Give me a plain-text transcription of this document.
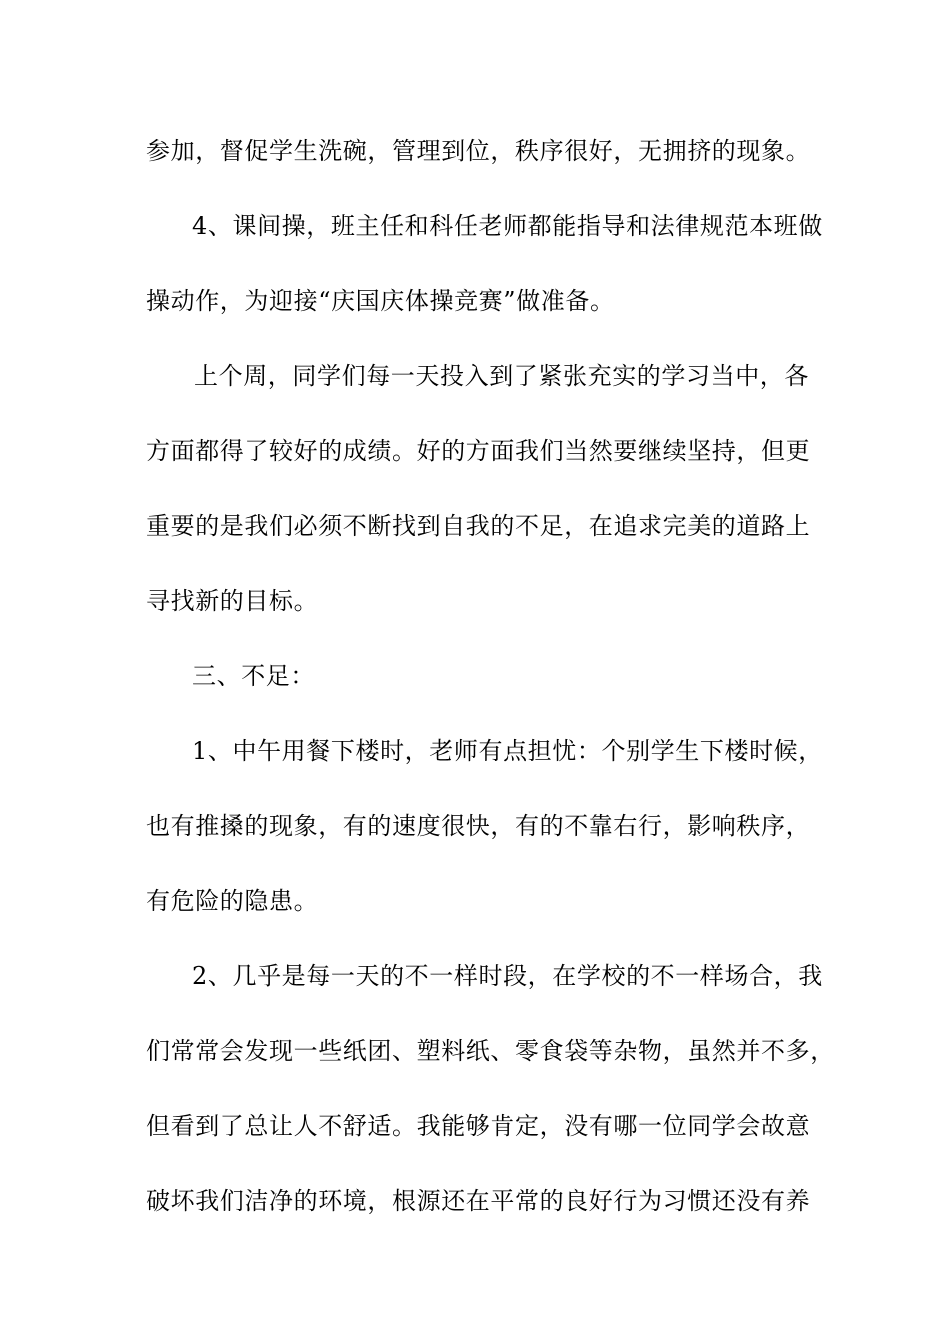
参加，督促学生洗碗，管理到位，秩序很好，无拥挤的现象。
4、课间操，班主任和科任老师都能指导和法律规范本班做
操动作，为迎接“庆国庆体操竞赛”做准备。
上个周，同学们每一天投入到了紧张充实的学习当中，各
方面都得了较好的成绩。好的方面我们当然要继续坚持，但更
重要的是我们必须不断找到自我的不足，在追求完美的道路上
寻找新的目标。
三、不足：
1、中午用餐下楼时，老师有点担忧：个别学生下楼时候，
也有推搡的现象，有的速度很快，有的不靠右行，影响秩序，
有危险的隐患。
2、几乎是每一天的不一样时段，在学校的不一样场合，我
们常常会发现一些纸团、塑料纸、零食袋等杂物，虽然并不多，
但看到了总让人不舒适。我能够肯定，没有哪一位同学会故意
破坏我们洁净的环境，根源还在平常的良好行为习惯还没有养
